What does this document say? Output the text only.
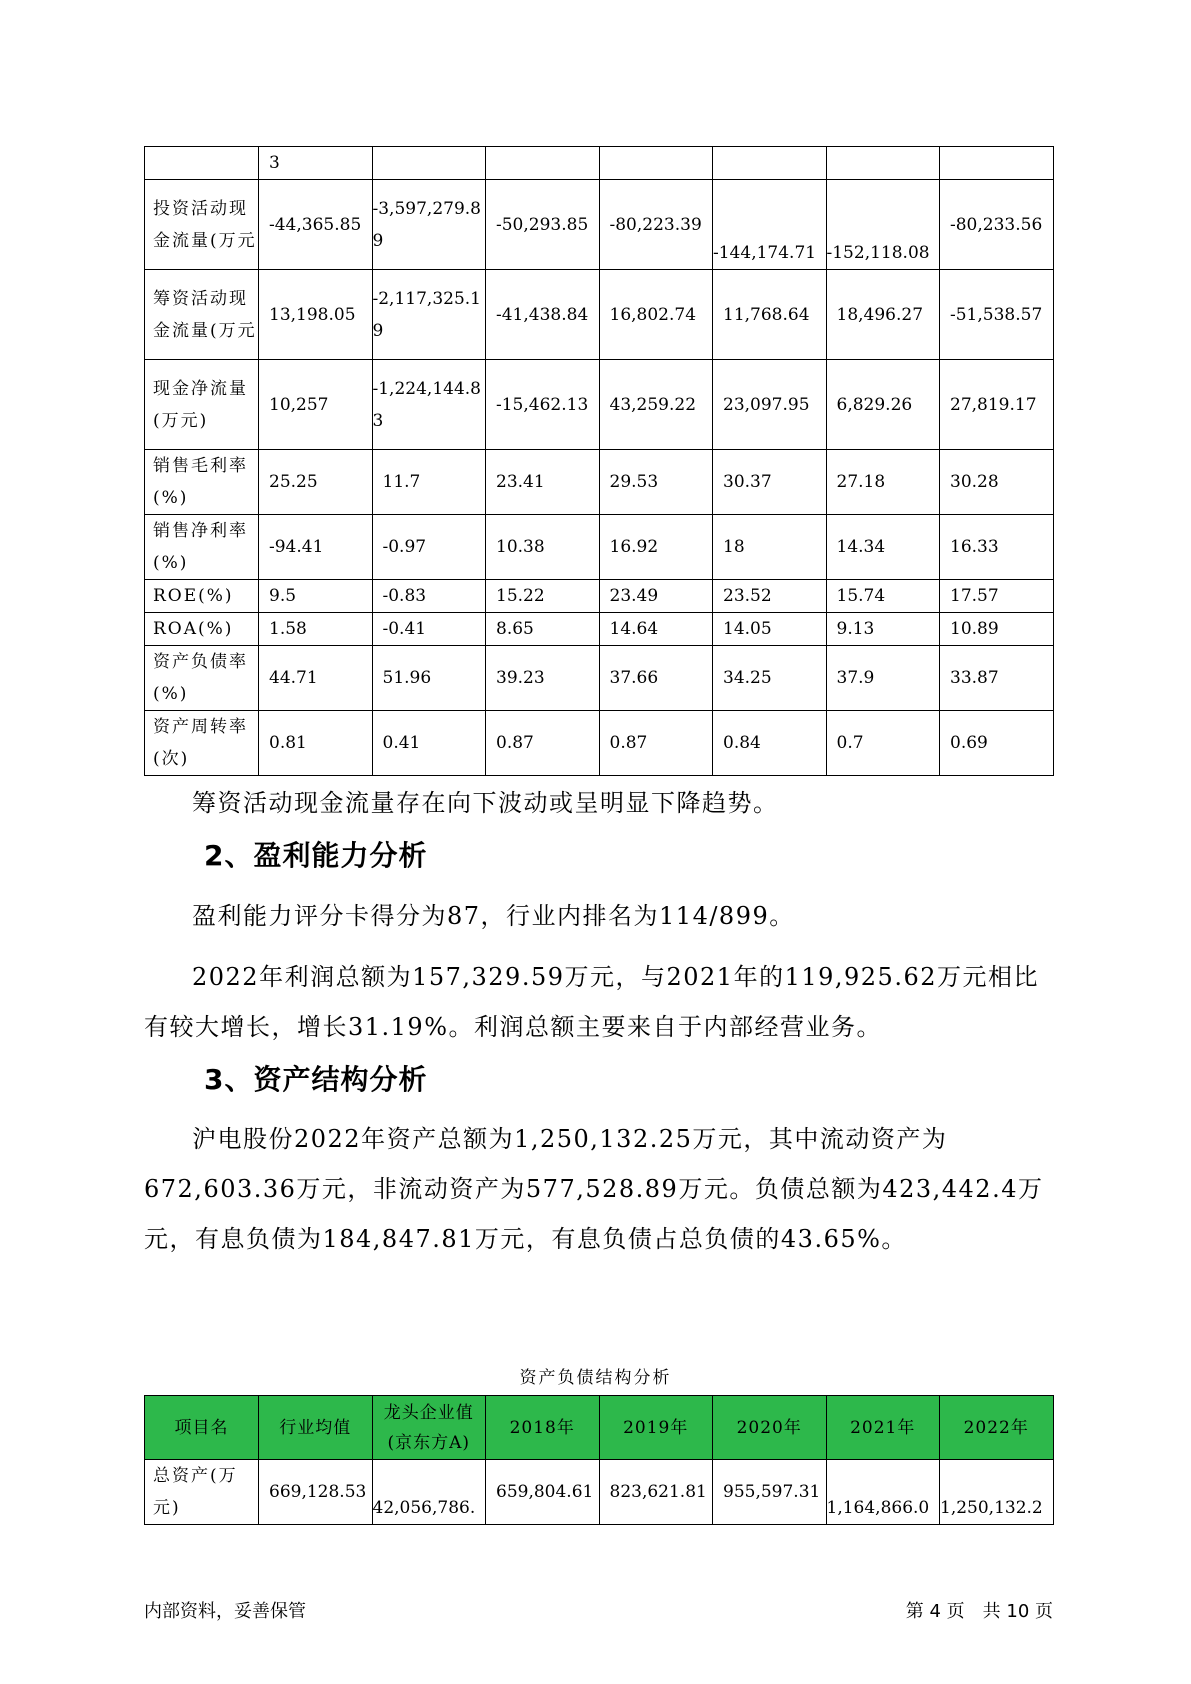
	3						

投资活动现金流量(万元	-44,365.85	-3,597,279.89	-50,293.85	-80,223.39	-144,174.71	-152,118.08	-80,233.56

筹资活动现金流量(万元	13,198.05	-2,117,325.19	-41,438.84	16,802.74	11,768.64	18,496.27	-51,538.57

现金净流量(万元)	10,257	-1,224,144.83	-15,462.13	43,259.22	23,097.95	6,829.26	27,819.17

销售毛利率(%)	25.25	11.7	23.41	29.53	30.37	27.18	30.28

销售净利率(%)	-94.41	-0.97	10.38	16.92	18	14.34	16.33

ROE(%)	9.5	-0.83	15.22	23.49	23.52	15.74	17.57

ROA(%)	1.58	-0.41	8.65	14.64	14.05	9.13	10.89

资产负债率(%)	44.71	51.96	39.23	37.66	34.25	37.9	33.87

资产周转率(次)	0.81	0.41	0.87	0.87	0.84	0.7	0.69
筹资活动现金流量存在向下波动或呈明显下降趋势。
2、盈利能力分析
盈利能力评分卡得分为87，行业内排名为114/899。
2022年利润总额为157,329.59万元，与2021年的119,925.62万元相比有较大增长，增长31.19%。利润总额主要来自于内部经营业务。
3、资产结构分析
沪电股份2022年资产总额为1,250,132.25万元，其中流动资产为672,603.36万元，非流动资产为577,528.89万元。负债总额为423,442.4万元，有息负债为184,847.81万元，有息负债占总负债的43.65%。
资产负债结构分析
项目名	行业均值	龙头企业值(京东方A)	2018年	2019年	2020年	2021年	2022年

总资产(万元)	669,128.53	42,056,786.	659,804.61	823,621.81	955,597.31	1,164,866.0	1,250,132.2
内部资料，妥善保管	第 4 页　共 10 页
